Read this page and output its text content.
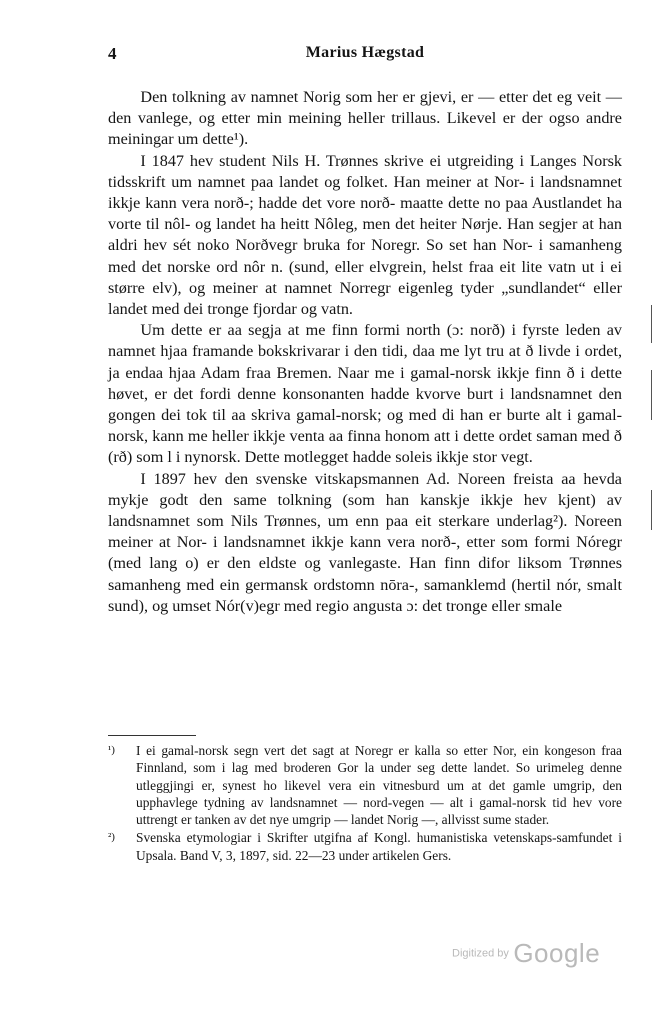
4	Marius Hægstad

Den tolkning av namnet Norig som her er gjevi, er — etter det eg veit — den vanlege, og etter min meining heller trillaus. Likevel er der ogso andre meiningar um dette¹).

I 1847 hev student Nils H. Trønnes skrive ei utgreiding i Langes Norsk tidsskrift um namnet paa landet og folket. Han meiner at Nor- i landsnamnet ikkje kann vera norð-; hadde det vore norð- maatte dette no paa Austlandet ha vorte til nôl- og landet ha heitt Nôleg, men det heiter Nørje. Han segjer at han aldri hev sét noko Norðvegr bruka for Noregr. So set han Nor- i samanheng med det norske ord nôr n. (sund, eller elvgrein, helst fraa eit lite vatn ut i ei større elv), og meiner at namnet Norregr eigenleg tyder „sundlandet“ eller landet med dei tronge fjordar og vatn.

Um dette er aa segja at me finn formi north (ɔ: norð) i fyrste leden av namnet hjaa framande bokskrivarar i den tidi, daa me lyt tru at ð livde i ordet, ja endaa hjaa Adam fraa Bremen. Naar me i gamal-norsk ikkje finn ð i dette høvet, er det fordi denne konsonanten hadde kvorve burt i landsnamnet den gongen dei tok til aa skriva gamal-norsk; og med di han er burte alt i gamal-norsk, kann me heller ikkje venta aa finna honom att i dette ordet saman med ð (rð) som l i nynorsk. Dette motlegget hadde soleis ikkje stor vegt.

I 1897 hev den svenske vitskapsmannen Ad. Noreen freista aa hevda mykje godt den same tolkning (som han kanskje ikkje hev kjent) av landsnamnet som Nils Trønnes, um enn paa eit sterkare underlag²). Noreen meiner at Nor- i landsnamnet ikkje kann vera norð-, etter som formi Nóregr (med lang o) er den eldste og vanlegaste. Han finn difor liksom Trønnes samanheng med ein germansk ordstomn nōra-, samanklemd (hertil nór, smalt sund), og umset Nór(v)egr med regio angusta ɔ: det tronge eller smale

¹)	I ei gamal-norsk segn vert det sagt at Noregr er kalla so etter Nor, ein kongeson fraa Finnland, som i lag med broderen Gor la under seg dette landet. So urimeleg denne utleggjingi er, synest ho likevel vera ein vitnesburd um at det gamle umgrip, den upphavlege tydning av landsnamnet — nord-vegen — alt i gamal-norsk tid hev vore uttrengt er tanken av det nye umgrip — landet Norig —, allvisst sume stader.
²)	Svenska etymologiar i Skrifter utgifna af Kongl. humanistiska vetenskaps-samfundet i Upsala. Band V, 3, 1897, sid. 22—23 under artikelen Gers.
Digitized by Google
